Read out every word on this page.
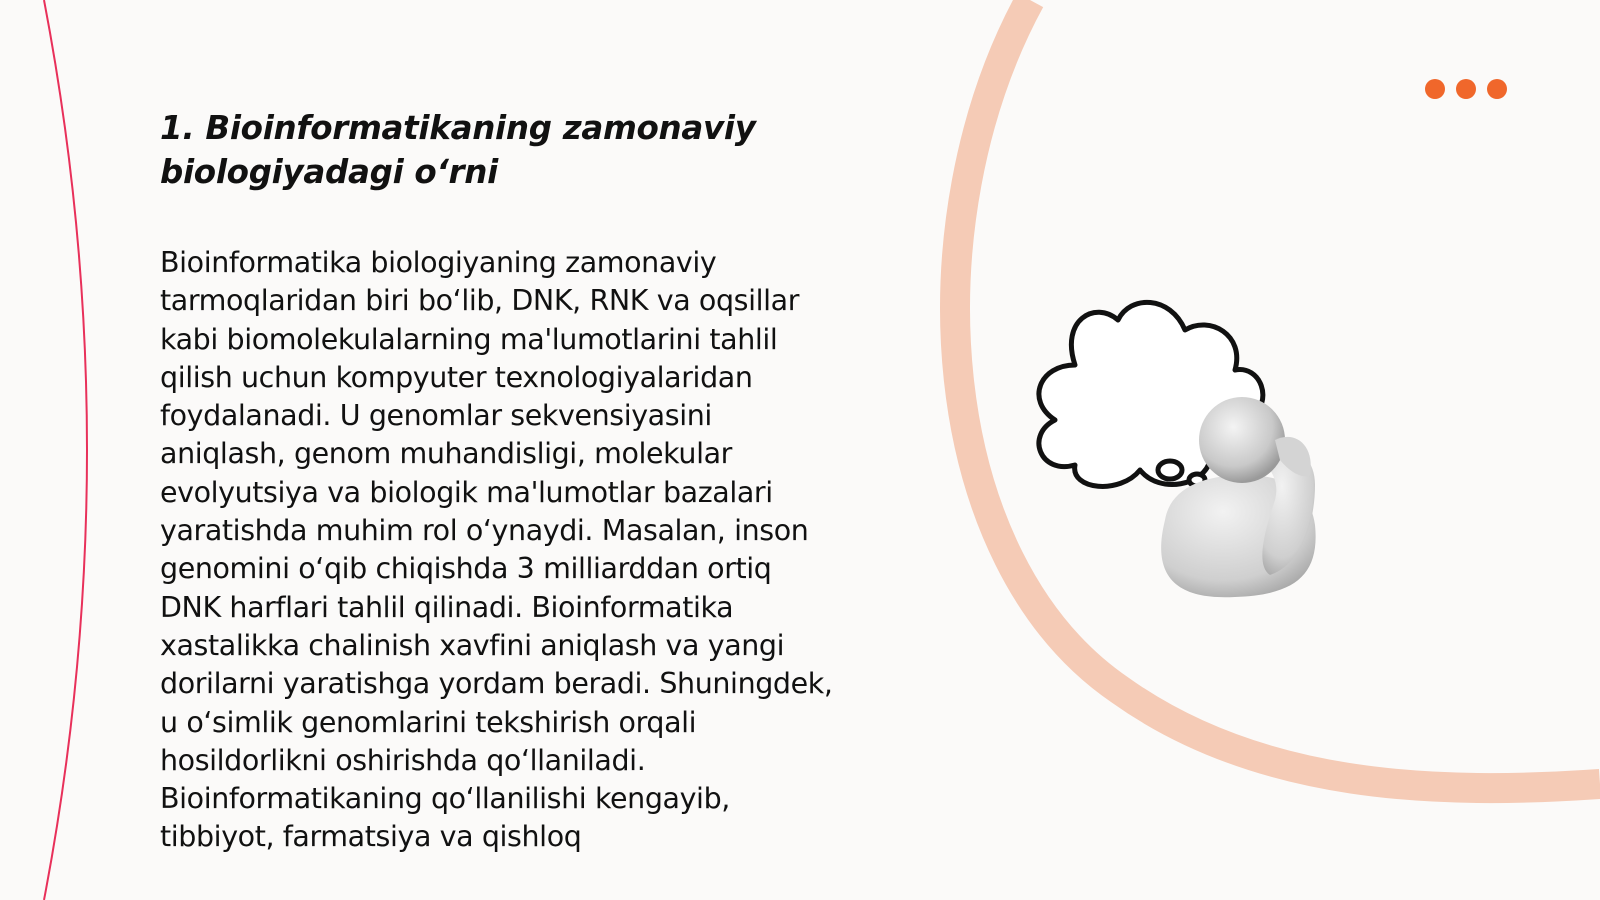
1. Bioinformatikaning zamonaviy biologiyadagi o‘rni

Bioinformatika biologiyaning zamonaviy tarmoqlaridan biri bo‘lib, DNK, RNK va oqsillar kabi biomolekulalarning ma'lumotlarini tahlil qilish uchun kompyuter texnologiyalaridan foydalanadi. U genomlar sekvensiyasini aniqlash, genom muhandisligi, molekular evolyutsiya va biologik ma'lumotlar bazalari yaratishda muhim rol o‘ynaydi. Masalan, inson genomini o‘qib chiqishda 3 milliarddan ortiq DNK harflari tahlil qilinadi. Bioinformatika xastalikka chalinish xavfini aniqlash va yangi dorilarni yaratishga yordam beradi. Shuningdek, u o‘simlik genomlarini tekshirish orqali hosildorlikni oshirishda qo‘llaniladi. Bioinformatikaning qo‘llanilishi kengayib, tibbiyot, farmatsiya va qishloq
